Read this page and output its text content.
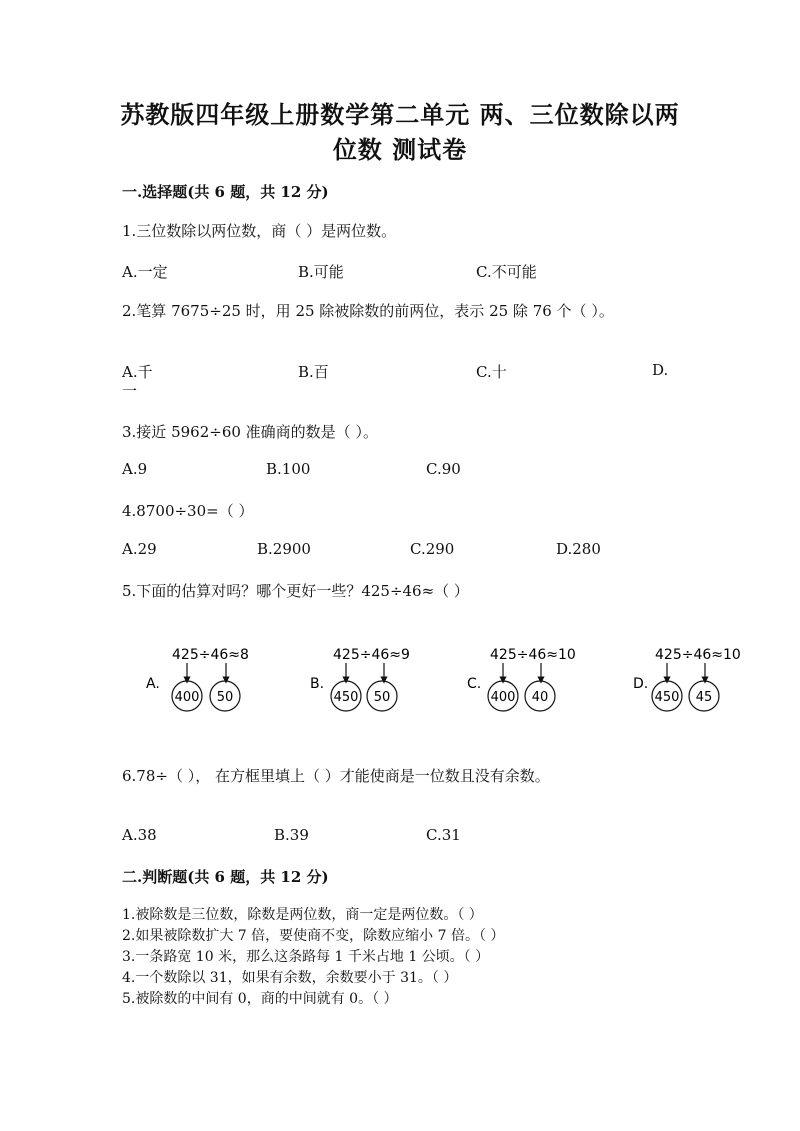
苏教版四年级上册数学第二单元 两、三位数除以两
位数 测试卷
一.选择题(共 6 题，共 12 分)
1.三位数除以两位数，商（ ）是两位数。
A.一定	B.可能	C.不可能
2.笔算 7675÷25 时，用 25 除被除数的前两位，表示 25 除 76 个（ ）。
A.千	B.百	C.十	D.
一
3.接近 5962÷60 准确商的数是（ ）。
A.9	B.100	C.90
4.8700÷30=（ ）
A.29	B.2900	C.290	D.280
5.下面的估算对吗？哪个更好一些？425÷46≈（ ）
A.
425÷46≈8
400 50
B.
425÷46≈9
450 50
C.
425÷46≈10
400 40
D.
425÷46≈10
450 45
6.78÷（ ）， 在方框里填上（ ）才能使商是一位数且没有余数。
A.38	B.39	C.31
二.判断题(共 6 题，共 12 分)
1.被除数是三位数，除数是两位数，商一定是两位数。（ ）
2.如果被除数扩大 7 倍，要使商不变，除数应缩小 7 倍。（ ）
3.一条路宽 10 米，那么这条路每 1 千米占地 1 公顷。（ ）
4.一个数除以 31，如果有余数，余数要小于 31。（ ）
5.被除数的中间有 0，商的中间就有 0。（ ）
